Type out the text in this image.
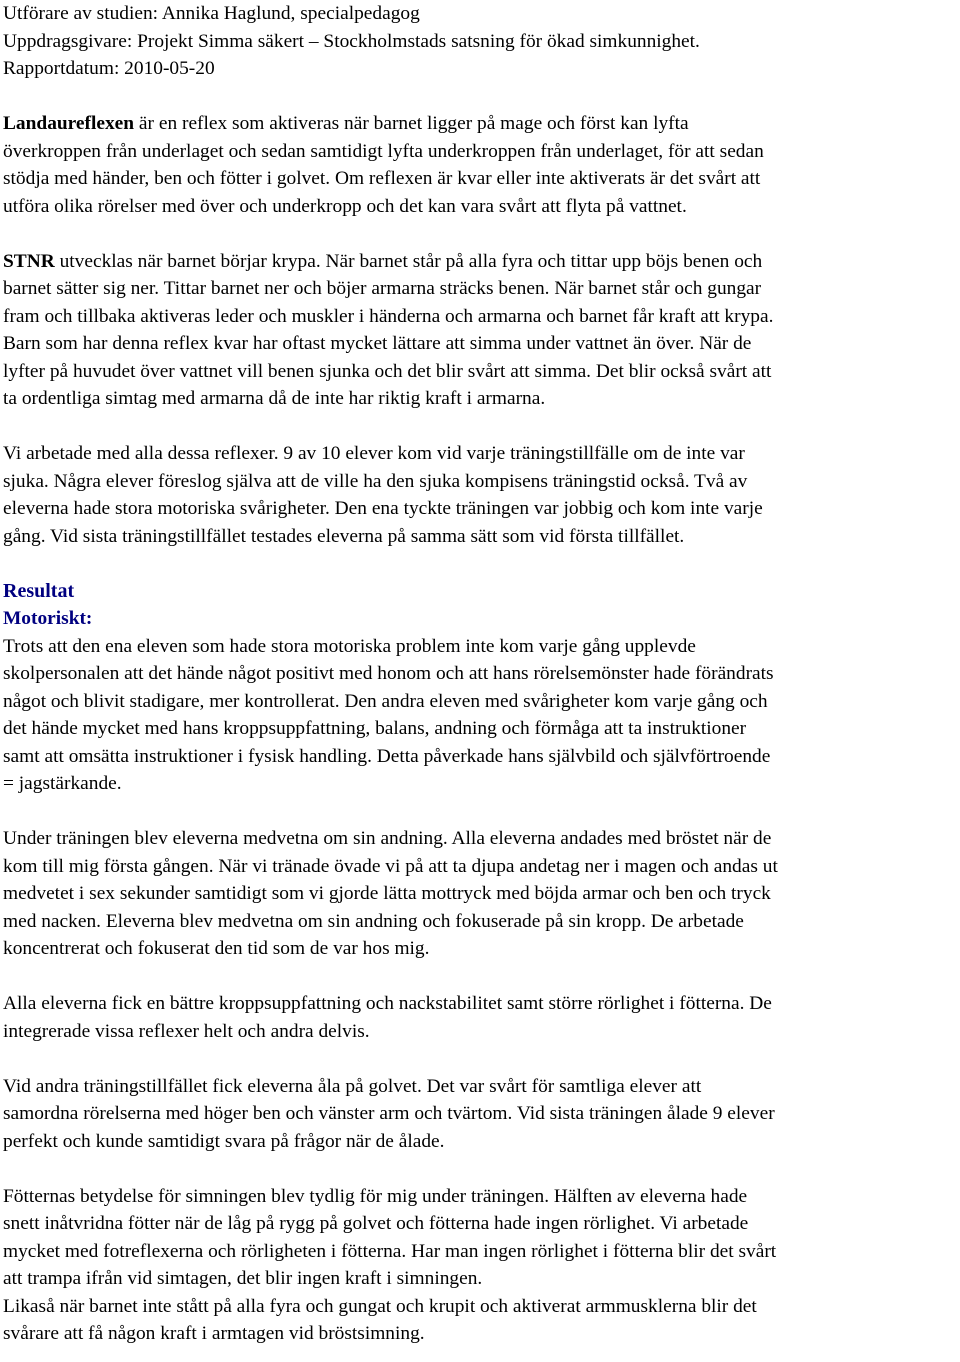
Utförare av studien: Annika Haglund, specialpedagog
Uppdragsgivare: Projekt Simma säkert – Stockholmstads satsning för ökad simkunnighet.
Rapportdatum: 2010-05-20
Landaureflexen är en reflex som aktiveras när barnet ligger på mage och först kan lyfta
överkroppen från underlaget och sedan samtidigt lyfta underkroppen från underlaget, för att sedan
stödja med händer, ben och fötter i golvet. Om reflexen är kvar eller inte aktiverats är det svårt att
utföra olika rörelser med över och underkropp och det kan vara svårt att flyta på vattnet.
STNR utvecklas när barnet börjar krypa. När barnet står på alla fyra och tittar upp böjs benen och
barnet sätter sig ner. Tittar barnet ner och böjer armarna sträcks benen. När barnet står och gungar
fram och tillbaka aktiveras leder och muskler i händerna och armarna och barnet får kraft att krypa.
Barn som har denna reflex kvar har oftast mycket lättare att simma under vattnet än över. När de
lyfter på huvudet över vattnet vill benen sjunka och det blir svårt att simma. Det blir också svårt att
ta ordentliga simtag med armarna då de inte har riktig kraft i armarna.
Vi arbetade med alla dessa reflexer. 9 av 10 elever kom vid varje träningstillfälle om de inte var
sjuka. Några elever föreslog själva att de ville ha den sjuka kompisens träningstid också. Två av
eleverna hade stora motoriska svårigheter. Den ena tyckte träningen var jobbig och kom inte varje
gång. Vid sista träningstillfället testades eleverna på samma sätt som vid första tillfället.
Resultat
Motoriskt:
Trots att den ena eleven som hade stora motoriska problem inte kom varje gång upplevde
skolpersonalen att det hände något positivt med honom och att hans rörelsemönster hade förändrats
något och blivit stadigare, mer kontrollerat. Den andra eleven med svårigheter kom varje gång och
det hände mycket med hans kroppsuppfattning, balans, andning och förmåga att ta instruktioner
samt att omsätta instruktioner i fysisk handling. Detta påverkade hans självbild och självförtroende
= jagstärkande.
Under träningen blev eleverna medvetna om sin andning. Alla eleverna andades med bröstet när de
kom till mig första gången. När vi tränade övade vi på att ta djupa andetag ner i magen och andas ut
medvetet i sex sekunder samtidigt som vi gjorde lätta mottryck med böjda armar och ben och tryck
med nacken. Eleverna blev medvetna om sin andning och fokuserade på sin kropp. De arbetade
koncentrerat och fokuserat den tid som de var hos mig.
Alla eleverna fick en bättre kroppsuppfattning och nackstabilitet samt större rörlighet i fötterna. De
integrerade vissa reflexer helt och andra delvis.
Vid andra träningstillfället fick eleverna åla på golvet. Det var svårt för samtliga elever att
samordna rörelserna med höger ben och vänster arm och tvärtom. Vid sista träningen ålade 9 elever
perfekt och kunde samtidigt svara på frågor när de ålade.
Fötternas betydelse för simningen blev tydlig för mig under träningen. Hälften av eleverna hade
snett inåtvridna fötter när de låg på rygg på golvet och fötterna hade ingen rörlighet. Vi arbetade
mycket med fotreflexerna och rörligheten i fötterna. Har man ingen rörlighet i fötterna blir det svårt
att trampa ifrån vid simtagen, det blir ingen kraft i simningen.
Likaså när barnet inte stått på alla fyra och gungat och krupit och aktiverat armmusklerna blir det
svårare att få någon kraft i armtagen vid bröstsimning.
